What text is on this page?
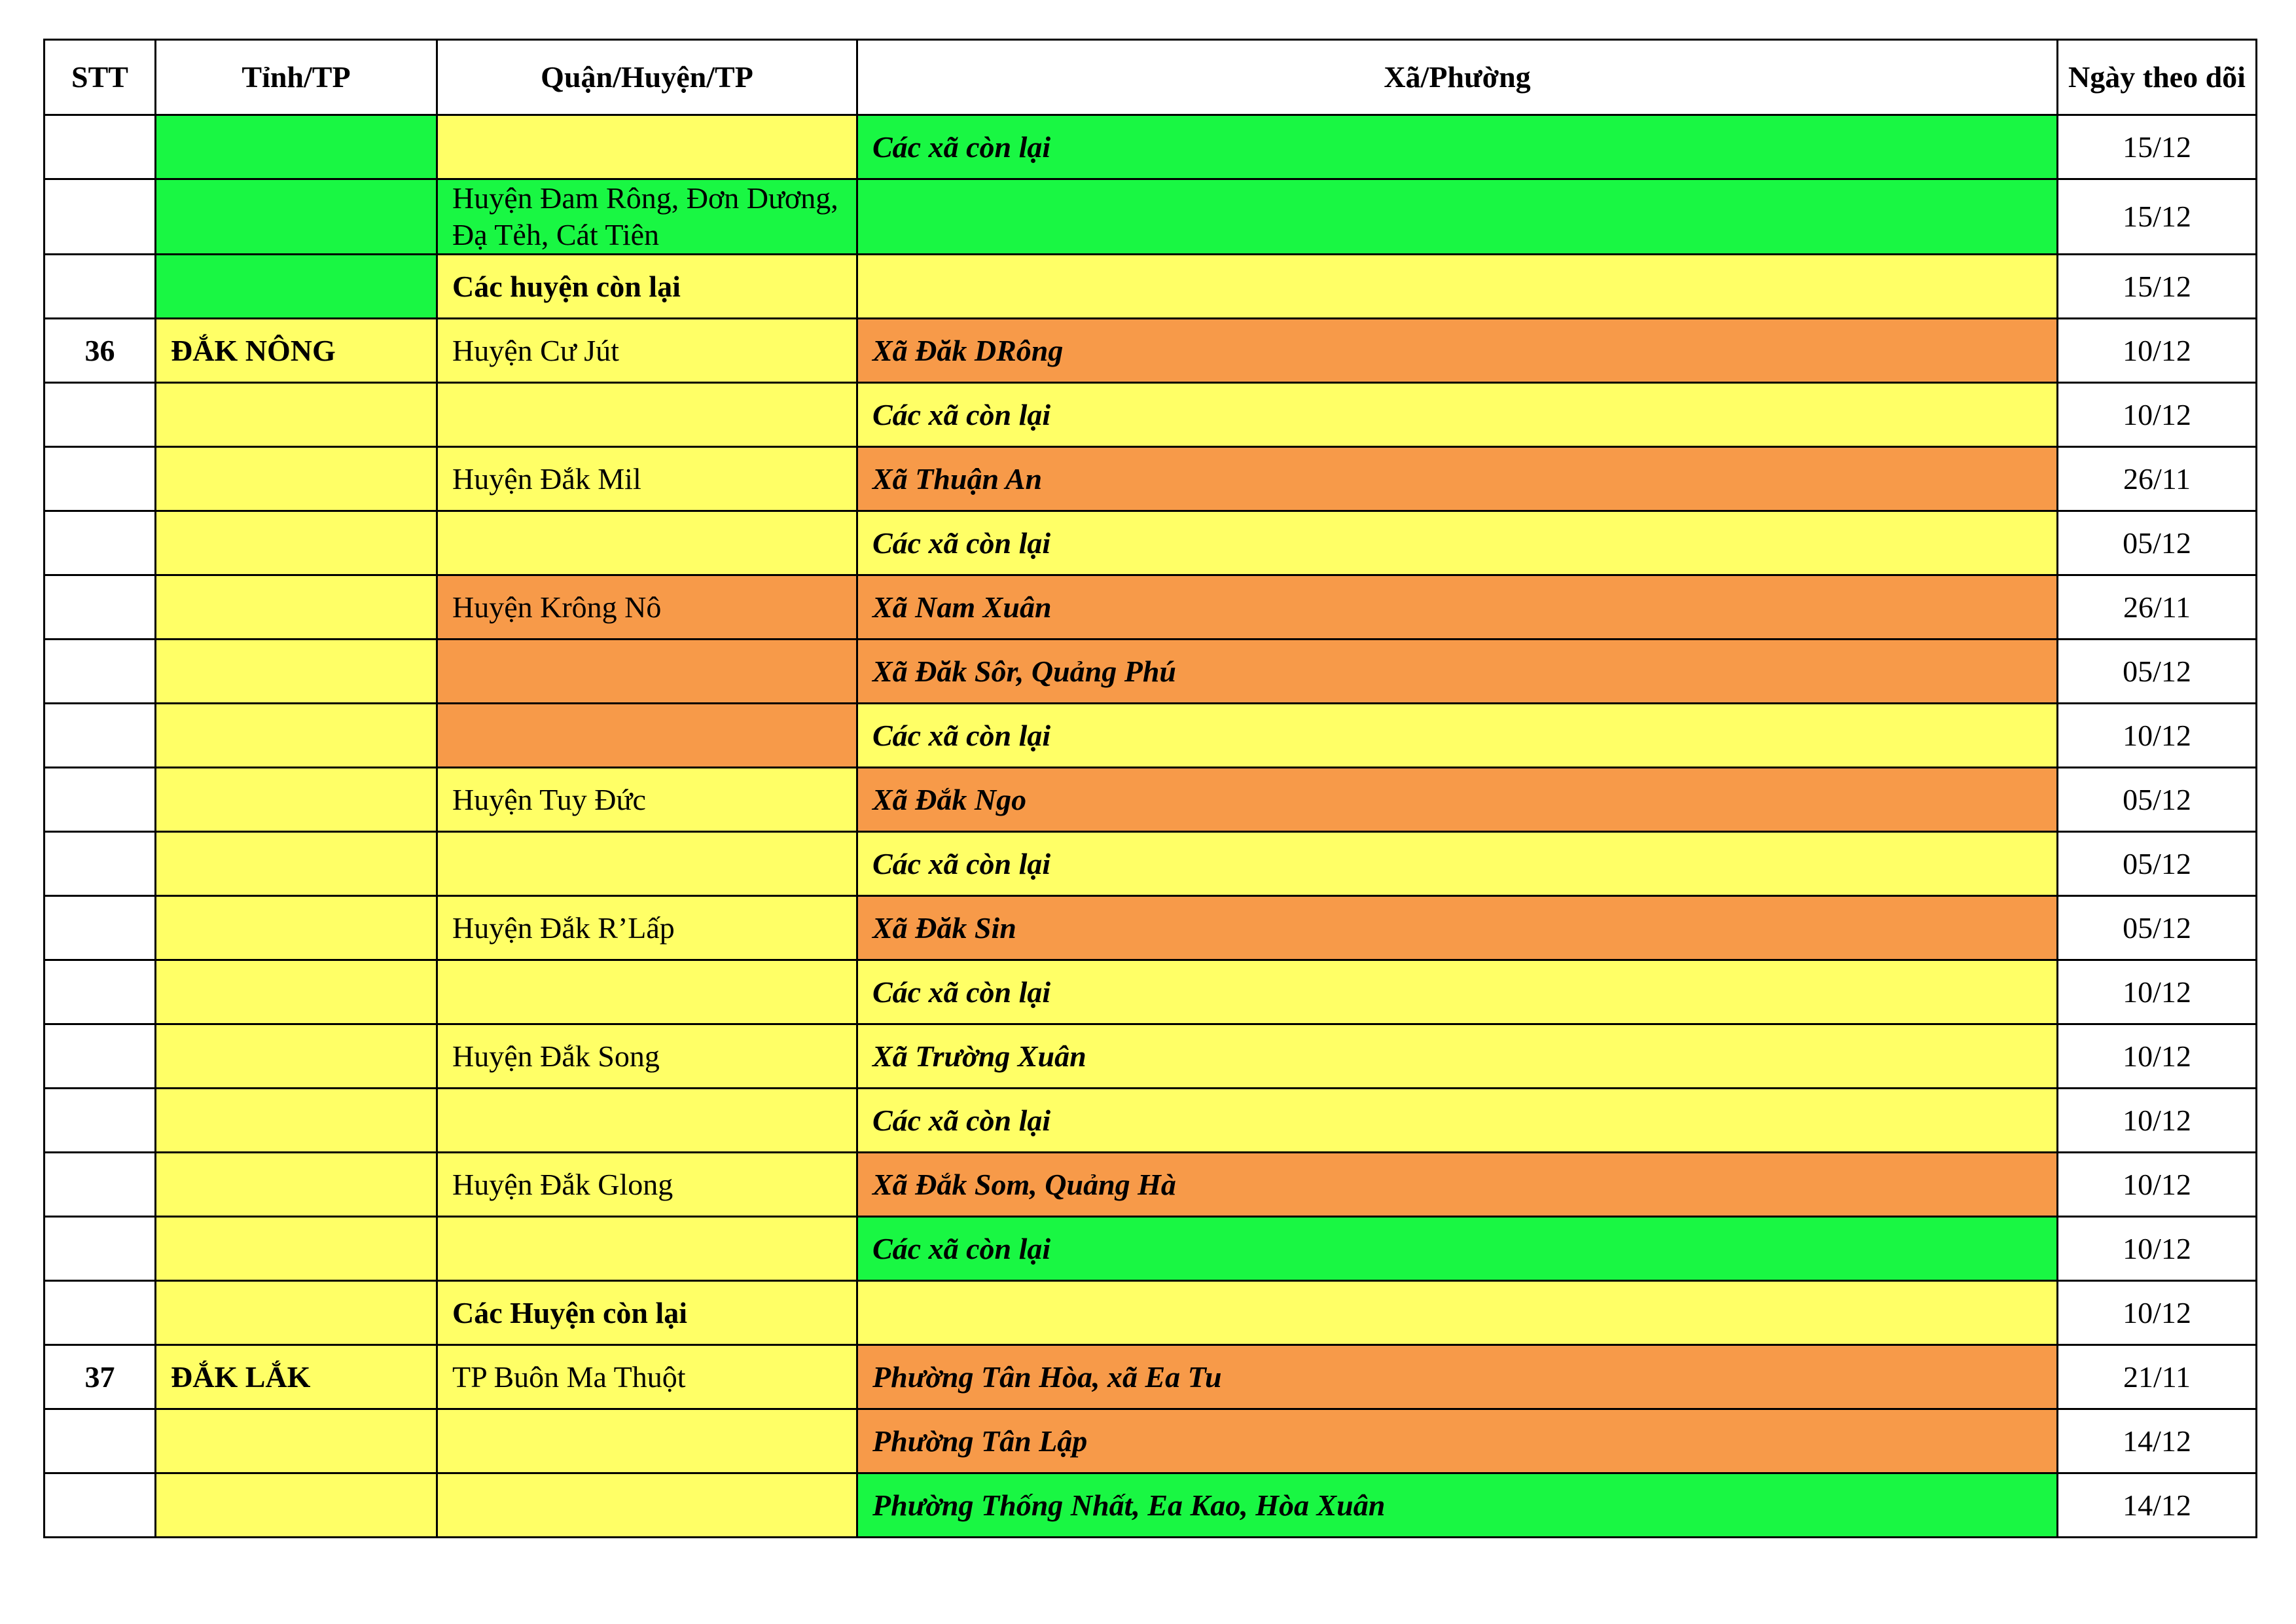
STT	Tỉnh/TP	Quận/Huyện/TP	Xã/Phường	Ngày theo dõi
			Các xã còn lại	15/12
		Huyện Đam Rông, Đơn Dương, Đạ Tẻh, Cát Tiên		15/12
		Các huyện còn lại		15/12
36	ĐẮK NÔNG	Huyện Cư Jút	Xã Đăk DRông	10/12
			Các xã còn lại	10/12
		Huyện Đắk Mil	Xã Thuận An	26/11
			Các xã còn lại	05/12
		Huyện Krông Nô	Xã Nam Xuân	26/11
			Xã Đăk Sôr, Quảng Phú	05/12
			Các xã còn lại	10/12
		Huyện Tuy Đức	Xã Đắk Ngo	05/12
			Các xã còn lại	05/12
		Huyện Đắk R’Lấp	Xã Đăk Sin	05/12
			Các xã còn lại	10/12
		Huyện Đắk Song	Xã Trường Xuân	10/12
			Các xã còn lại	10/12
		Huyện Đắk Glong	Xã Đắk Som, Quảng Hà	10/12
			Các xã còn lại	10/12
		Các Huyện còn lại		10/12
37	ĐẮK LẮK	TP Buôn Ma Thuột	Phường Tân Hòa, xã Ea Tu	21/11
			Phường Tân Lập	14/12
			Phường Thống Nhất, Ea Kao, Hòa Xuân	14/12
